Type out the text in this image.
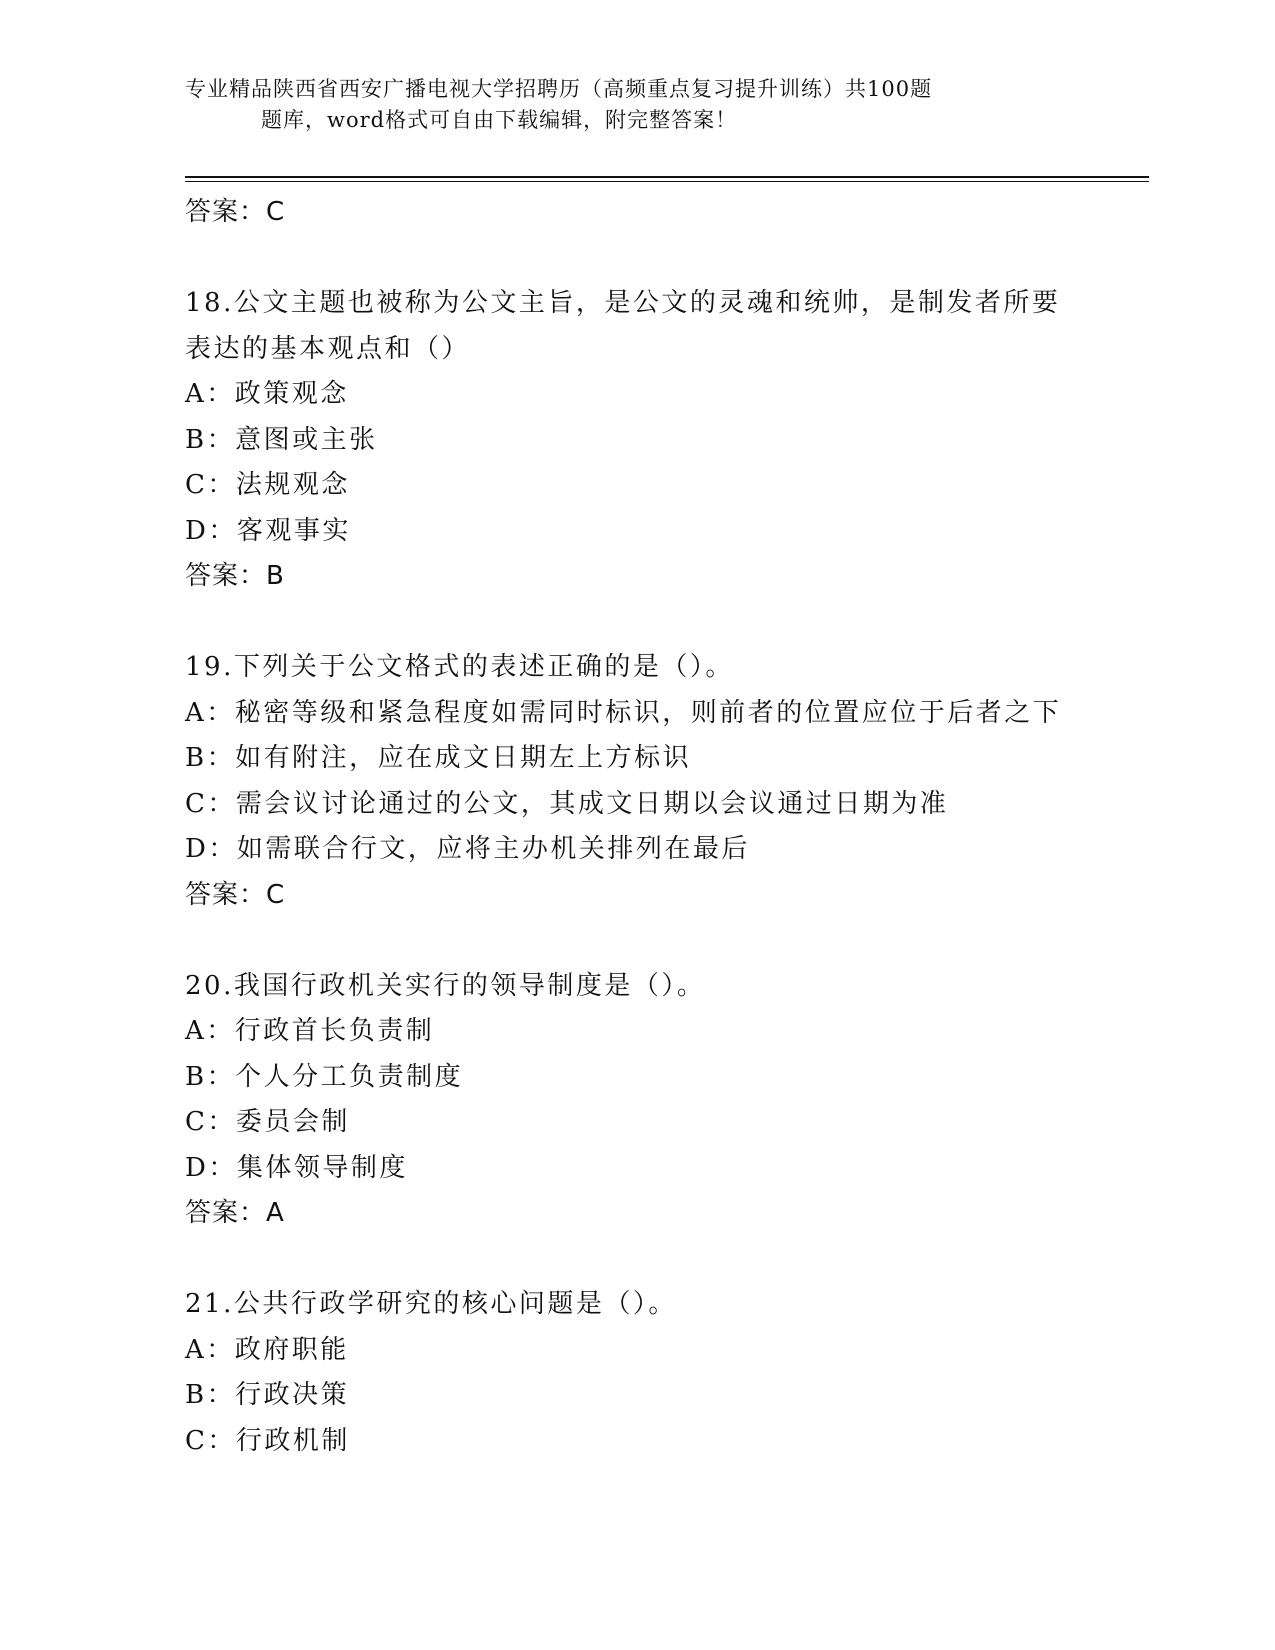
专业精品陕西省西安广播电视大学招聘历（高频重点复习提升训练）共100题
题库，word格式可自由下载编辑，附完整答案！
答案：C
18.公文主题也被称为公文主旨，是公文的灵魂和统帅，是制发者所要
表达的基本观点和（）
A：政策观念
B：意图或主张
C：法规观念
D：客观事实
答案：B
19.下列关于公文格式的表述正确的是（）。
A：秘密等级和紧急程度如需同时标识，则前者的位置应位于后者之下
B：如有附注，应在成文日期左上方标识
C：需会议讨论通过的公文，其成文日期以会议通过日期为准
D：如需联合行文，应将主办机关排列在最后
答案：C
20.我国行政机关实行的领导制度是（）。
A：行政首长负责制
B：个人分工负责制度
C：委员会制
D：集体领导制度
答案：A
21.公共行政学研究的核心问题是（）。
A：政府职能
B：行政决策
C：行政机制
